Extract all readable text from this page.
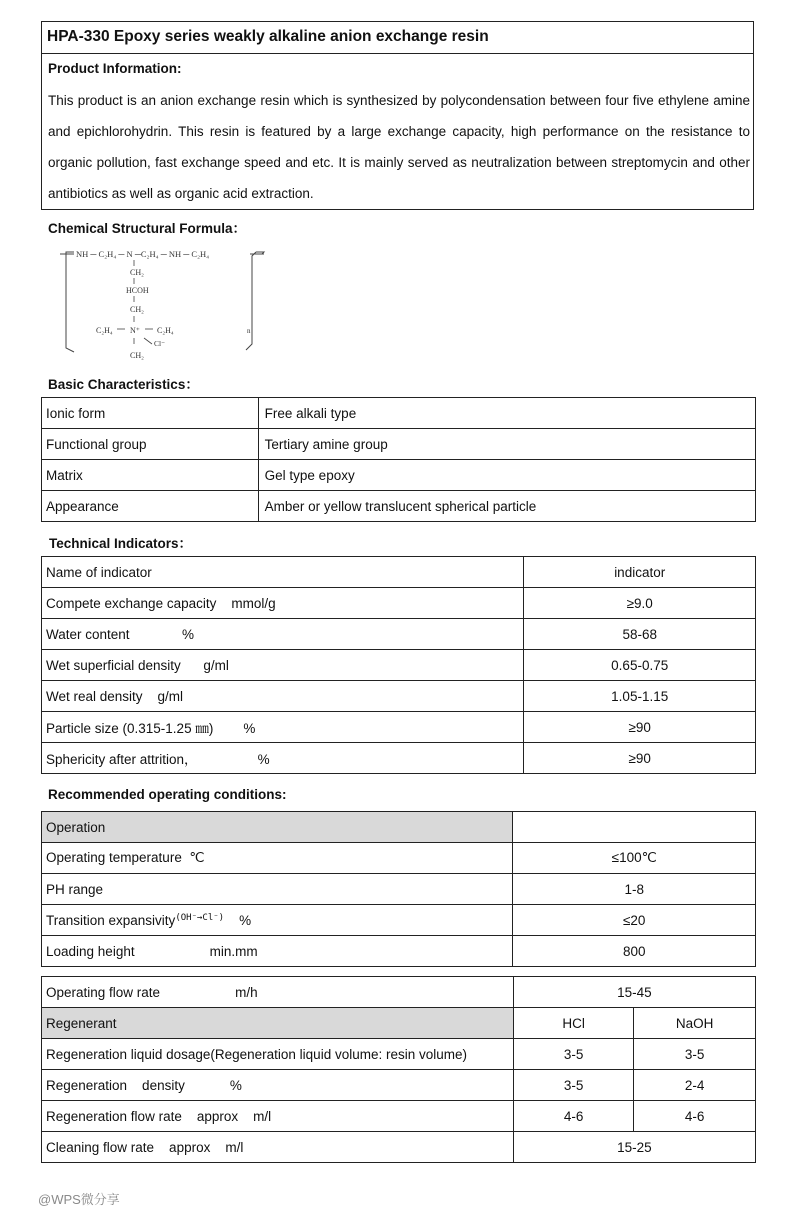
HPA-330 Epoxy series weakly alkaline anion exchange resin
Product Information:
This product is an anion exchange resin which is synthesized by polycondensation between four five ethylene amine and epichlorohydrin. This resin is featured by a large exchange capacity, high performance on the resistance to organic pollution, fast exchange speed and etc. It is mainly served as neutralization between streptomycin and other antibiotics as well as organic acid extraction.
Chemical Structural Formula：
NH ─ C₂H₄ ─ N ─C₂H₄ ─ NH ─ C₂H₄
CH₂
HCOH
CH₂
C₂H₄ N⁺ C₂H₄
Cl⁻
CH₂
n
Basic Characteristics：
Ionic form	Free alkali type
Functional group	Tertiary amine group
Matrix	Gel type epoxy
Appearance	Amber or yellow translucent spherical particle
Technical Indicators：
Name of indicator	indicator
Compete exchange capacity    mmol/g	≥9.0
Water content              %	58-68
Wet superficial density      g/ml	0.65-0.75
Wet real density    g/ml	1.05-1.15
Particle size (0.315-1.25 ㎜)        %	≥90
Sphericity after attrition，                %	≥90
Recommended operating conditions:
Operation	
Operating temperature  ℃	≤100℃
PH range	1-8
Transition expansivity$^{(OH^-\to Cl^-)}$    %	≤20
Loading height                    min.mm	800
Operating flow rate                    m/h	15-45	
Regenerant	HCl	NaOH
Regeneration liquid dosage(Regeneration liquid volume: resin volume)	3-5	3-5
Regeneration    density            %	3-5	2-4
Regeneration flow rate    approx    m/l	4-6	4-6
Cleaning flow rate    approx    m/l	15-25	
@WPS微分享
